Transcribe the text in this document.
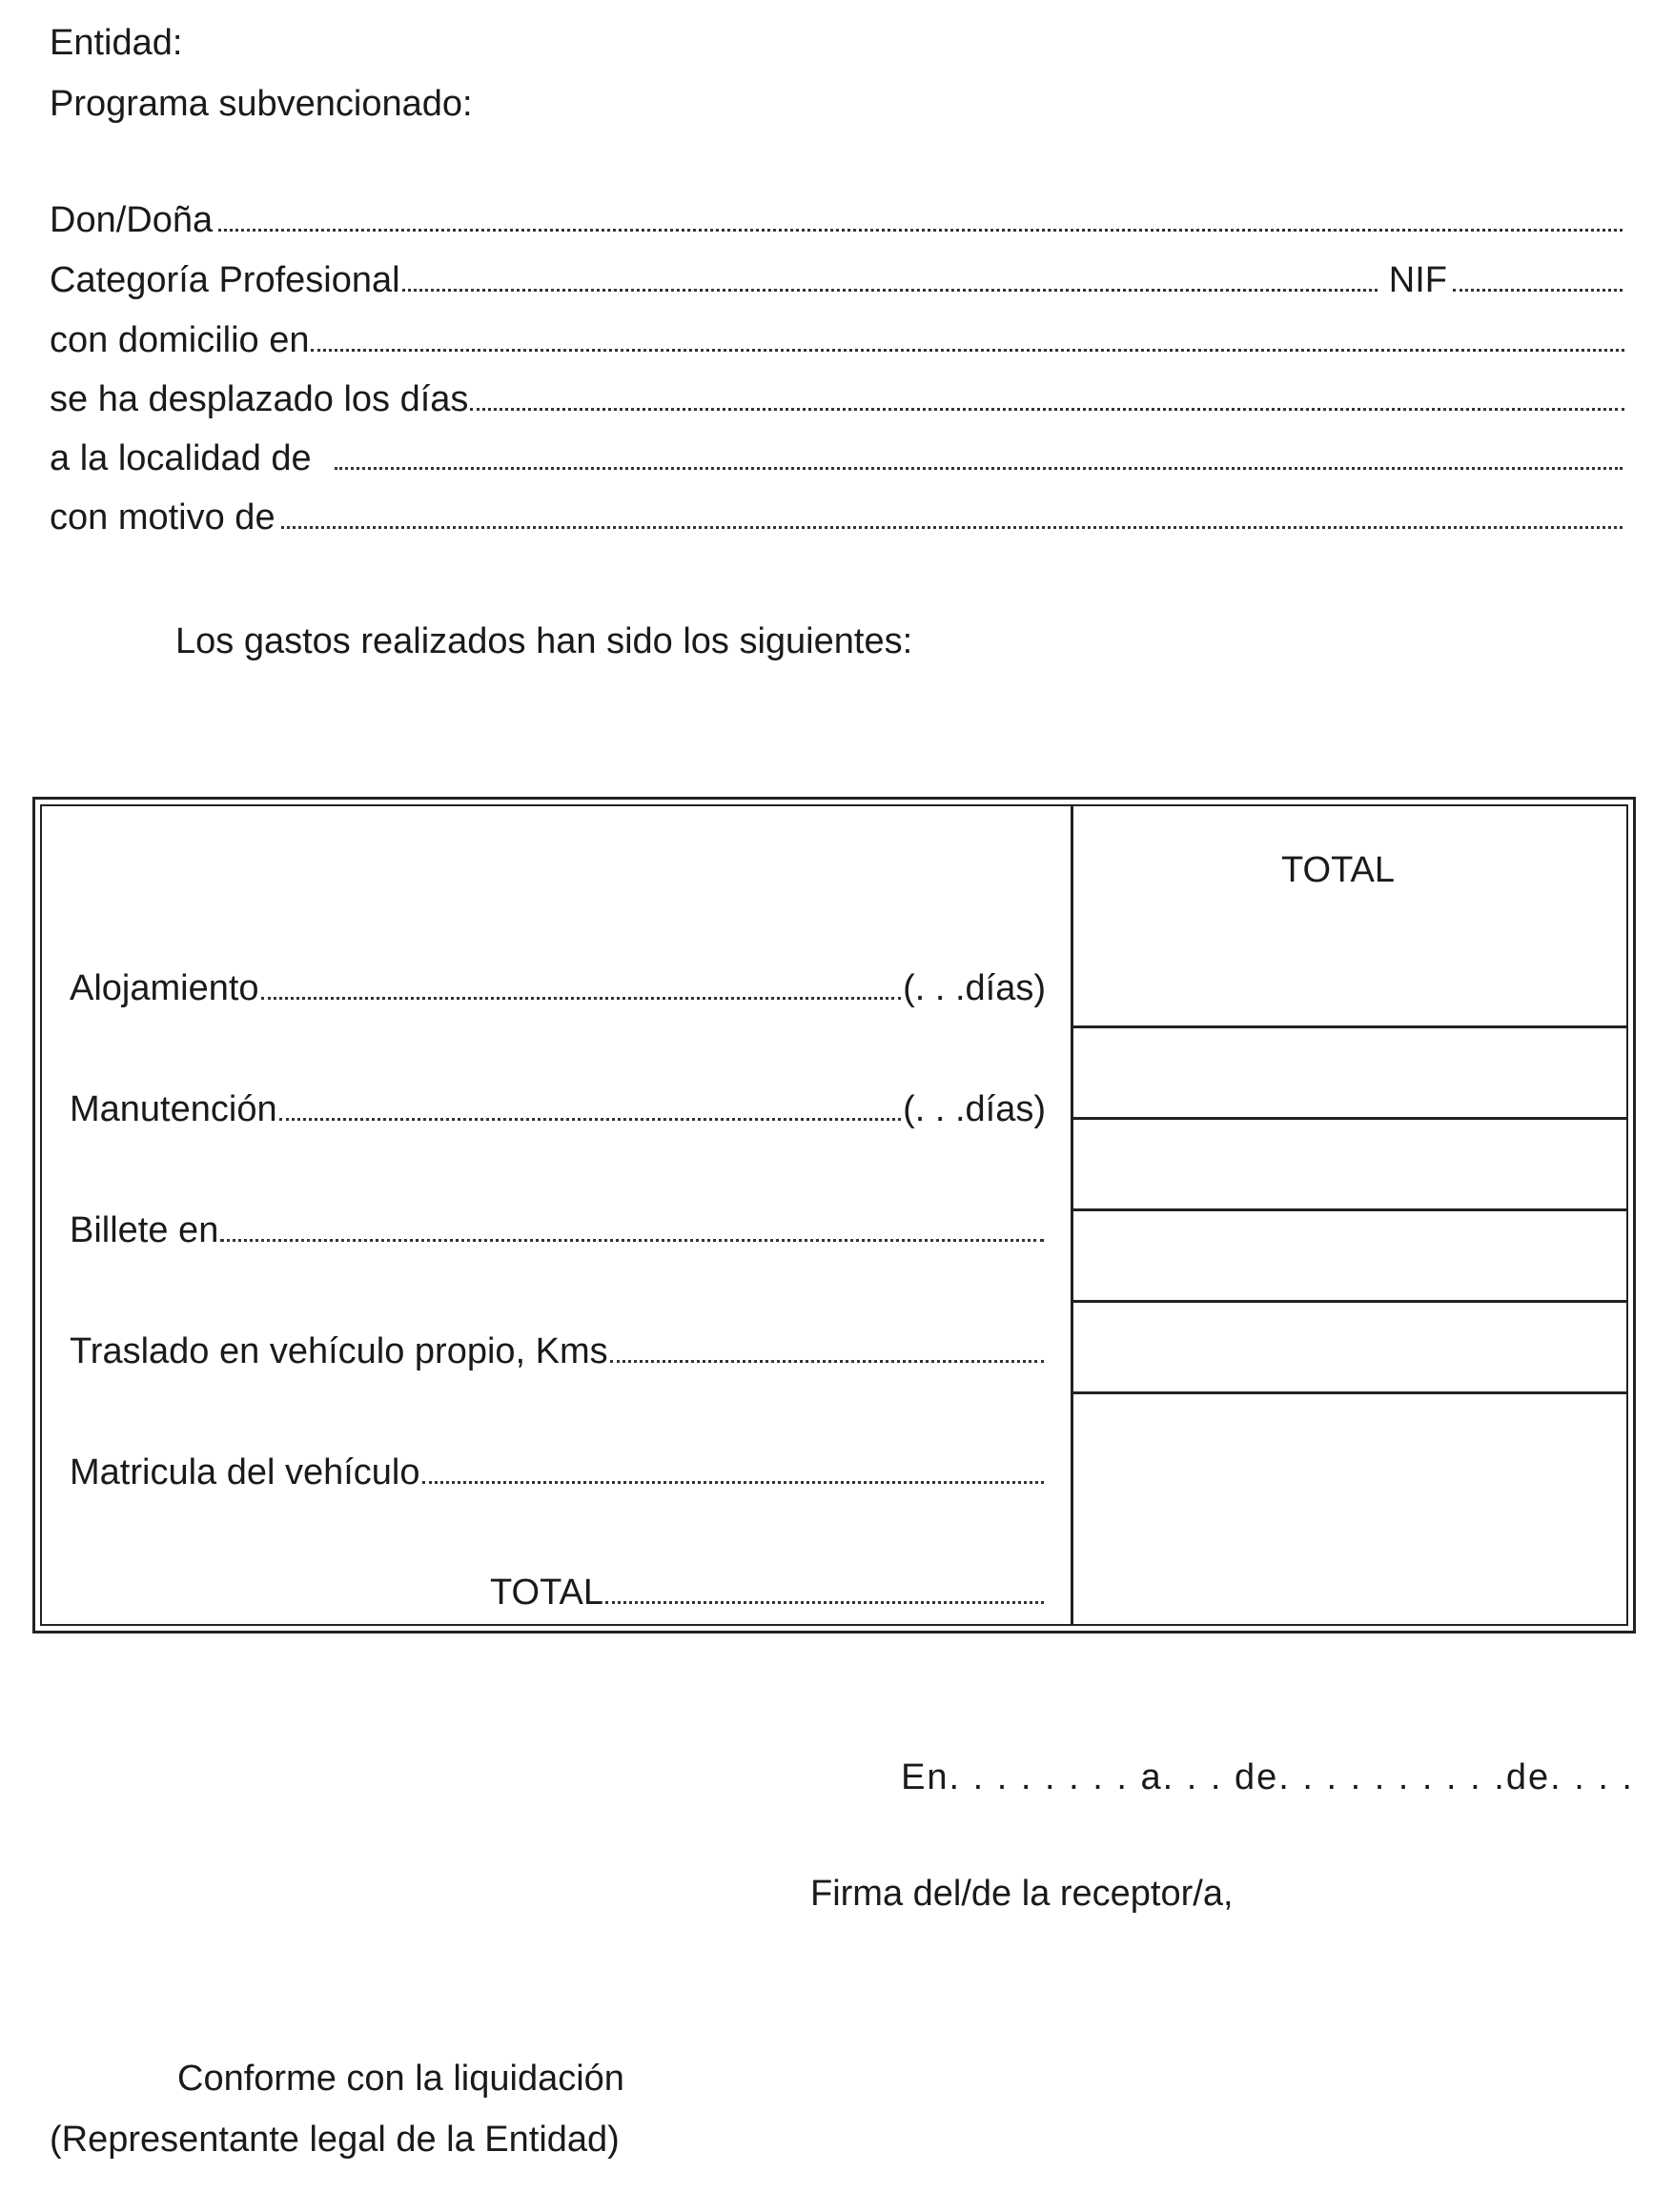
Entidad:
Programa subvencionado:
Don/Doña
Categoría Profesional	NIF
con domicilio en
se ha desplazado los días
a la localidad de
con motivo de
Los gastos realizados han sido los siguientes:
TOTAL
Alojamiento	(. . .días)
Manutención	(. . .días)
Billete en
Traslado en vehículo propio, Kms
Matricula del vehículo
TOTAL
En. . . . . . . . a. . . de. . . . . . . . . .de. . . .
Firma del/de la receptor/a,
Conforme con la liquidación
(Representante legal de la Entidad)
